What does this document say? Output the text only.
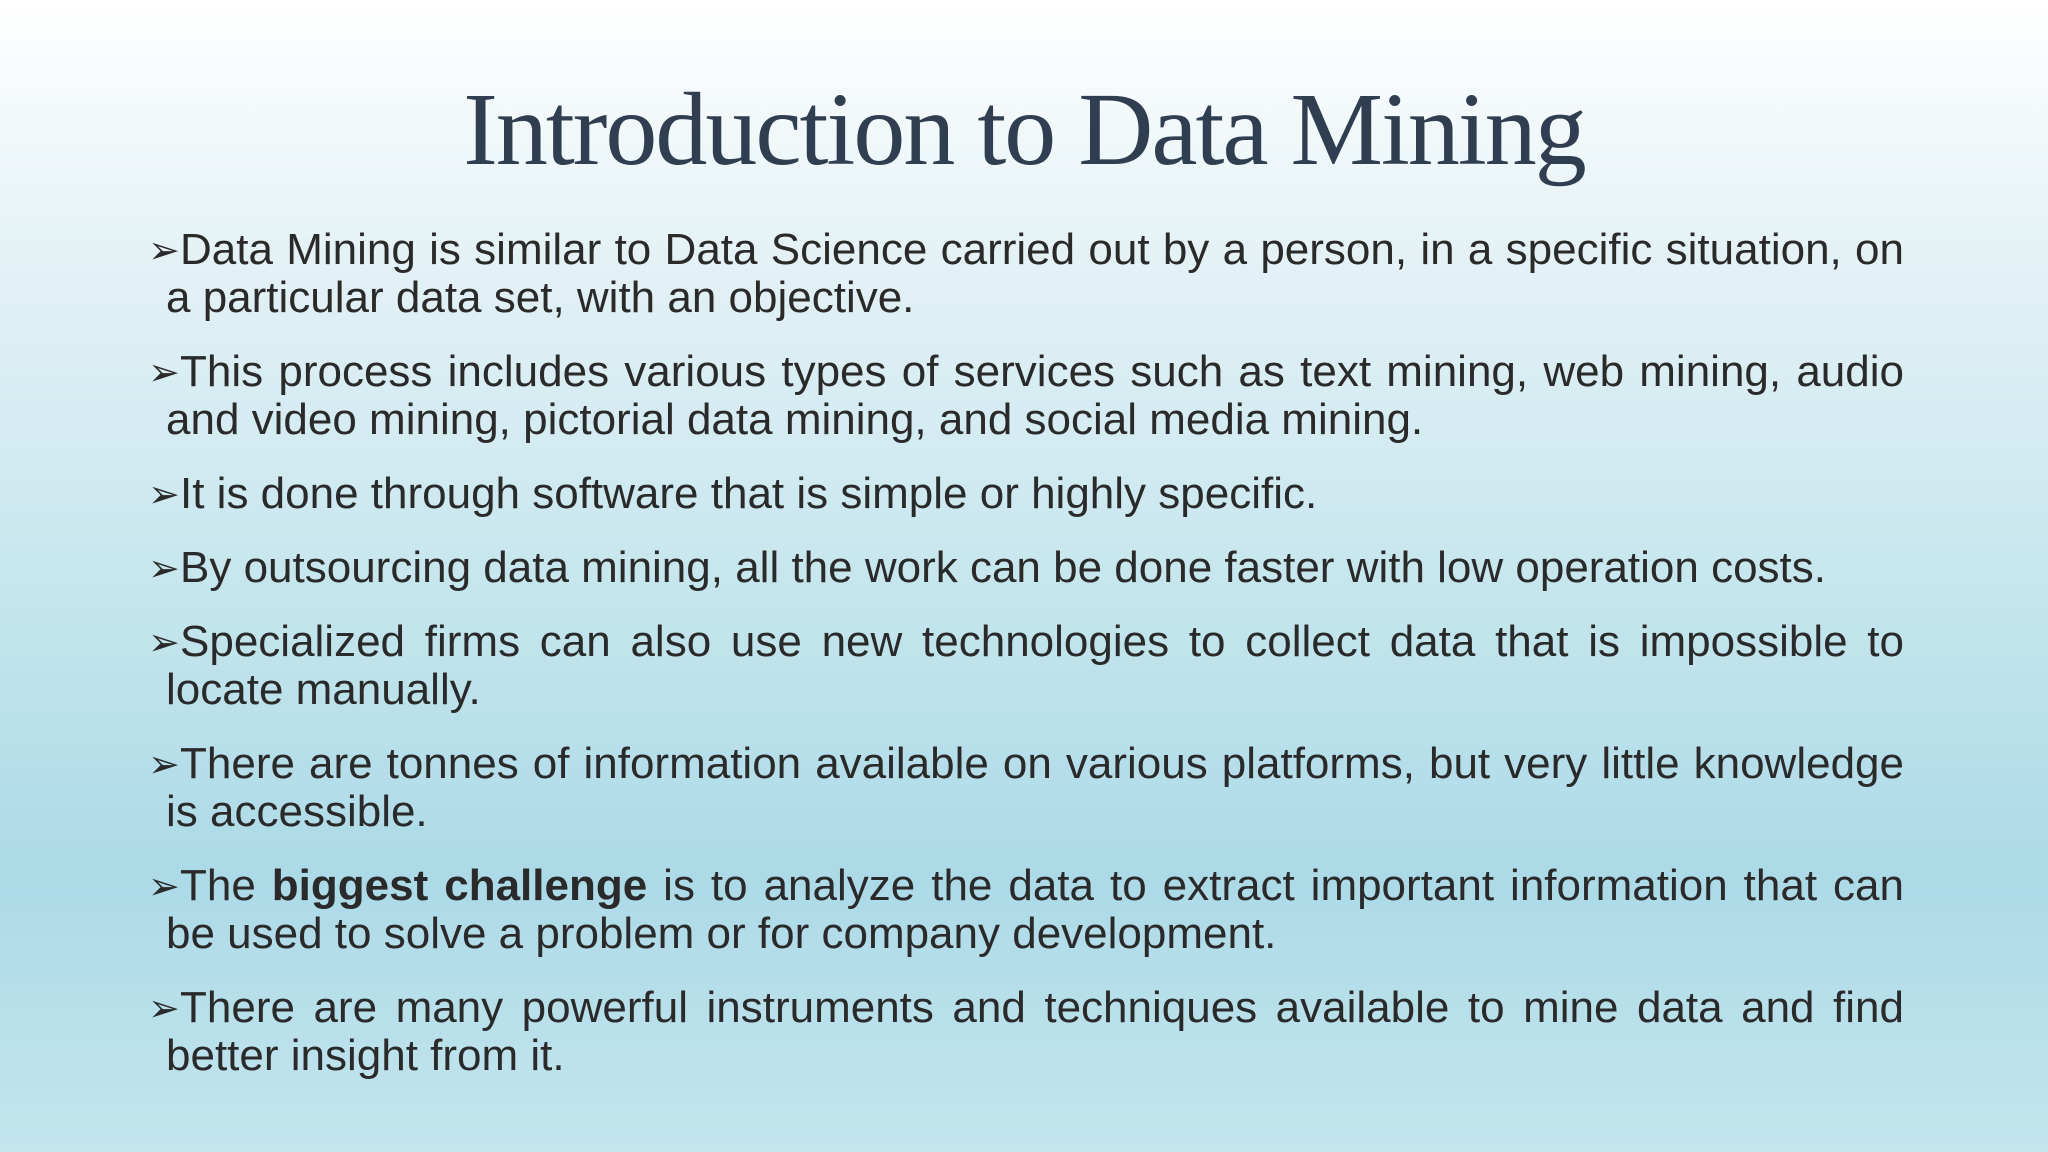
Introduction to Data Mining
➢ Data Mining is similar to Data Science carried out by a person, in a specific situation, on a particular data set, with an objective.
➢ This process includes various types of services such as text mining, web mining, audio and video mining, pictorial data mining, and social media mining.
➢ It is done through software that is simple or highly specific.
➢ By outsourcing data mining, all the work can be done faster with low operation costs.
➢ Specialized firms can also use new technologies to collect data that is impossible to locate manually.
➢ There are tonnes of information available on various platforms, but very little knowledge is accessible.
➢ The biggest challenge is to analyze the data to extract important information that can be used to solve a problem or for company development.
➢ There are many powerful instruments and techniques available to mine data and find better insight from it.
